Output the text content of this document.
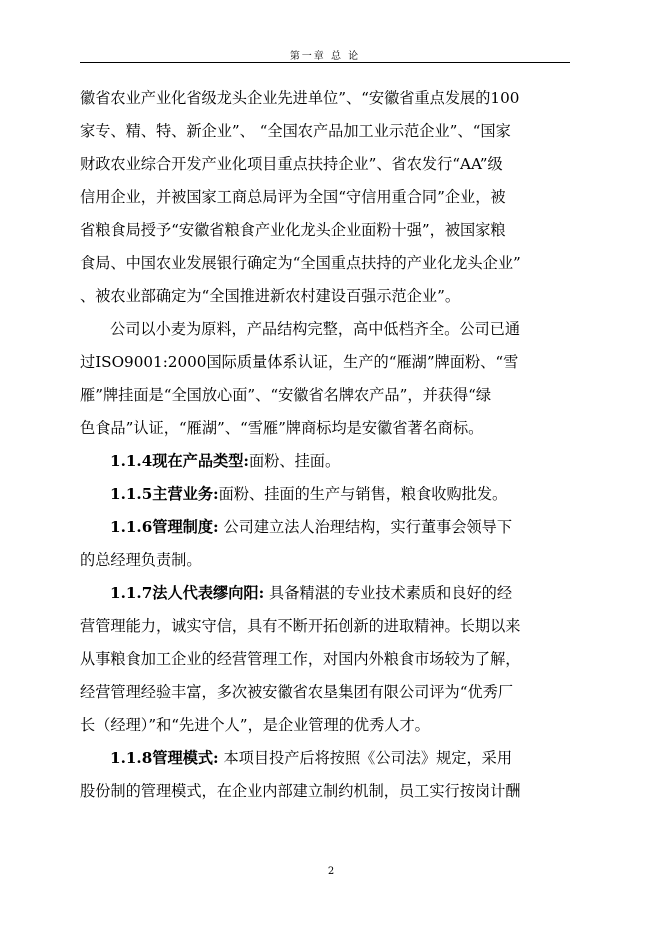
第一章 总 论
徽省农业产业化省级龙头企业先进单位”、“安徽省重点发展的100
家专、精、特、新企业”、 “全国农产品加工业示范企业”、“国家
财政农业综合开发产业化项目重点扶持企业”、省农发行“AA”级
信用企业，并被国家工商总局评为全国“守信用重合同”企业，被
省粮食局授予“安徽省粮食产业化龙头企业面粉十强”，被国家粮
食局、中国农业发展银行确定为“全国重点扶持的产业化龙头企业”
、被农业部确定为“全国推进新农村建设百强示范企业”。
公司以小麦为原料，产品结构完整，高中低档齐全。公司已通
过ISO9001:2000国际质量体系认证，生产的“雁湖”牌面粉、“雪
雁”牌挂面是“全国放心面”、“安徽省名牌农产品”，并获得“绿
色食品”认证，“雁湖”、“雪雁”牌商标均是安徽省著名商标。
1.1.4现在产品类型:面粉、挂面。
1.1.5主营业务:面粉、挂面的生产与销售，粮食收购批发。
1.1.6管理制度: 公司建立法人治理结构，实行董事会领导下
的总经理负责制。
1.1.7法人代表缪向阳: 具备精湛的专业技术素质和良好的经
营管理能力，诚实守信，具有不断开拓创新的进取精神。长期以来
从事粮食加工企业的经营管理工作，对国内外粮食市场较为了解，
经营管理经验丰富，多次被安徽省农垦集团有限公司评为“优秀厂
长（经理）”和“先进个人”，是企业管理的优秀人才。
1.1.8管理模式: 本项目投产后将按照《公司法》规定，采用
股份制的管理模式，在企业内部建立制约机制，员工实行按岗计酬
2
